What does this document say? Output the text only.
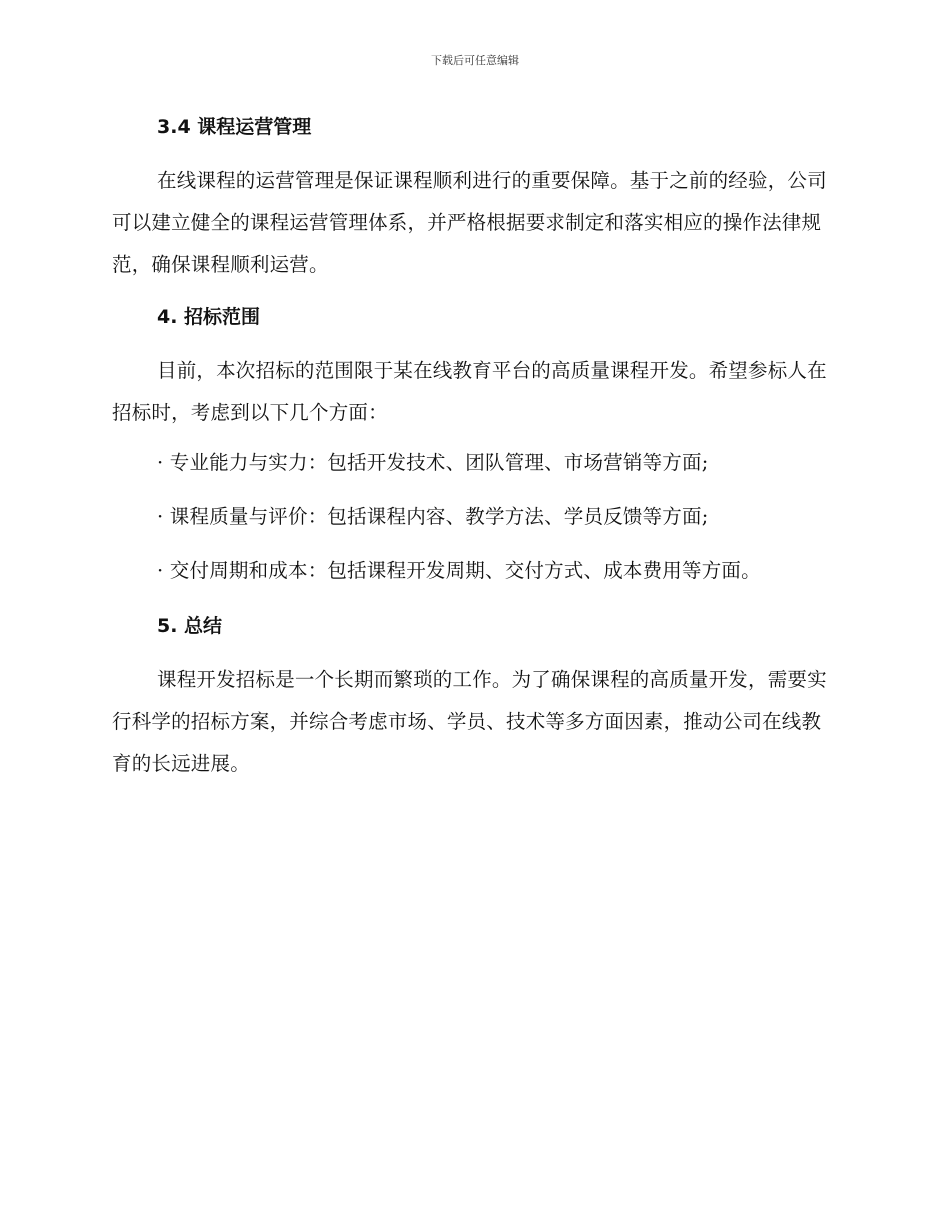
下载后可任意编辑
3.4 课程运营管理

在线课程的运营管理是保证课程顺利进行的重要保障。基于之前的经验，公司可以建立健全的课程运营管理体系，并严格根据要求制定和落实相应的操作法律规范，确保课程顺利运营。

4. 招标范围

目前，本次招标的范围限于某在线教育平台的高质量课程开发。希望参标人在招标时，考虑到以下几个方面：

· 专业能力与实力：包括开发技术、团队管理、市场营销等方面;

· 课程质量与评价：包括课程内容、教学方法、学员反馈等方面;

· 交付周期和成本：包括课程开发周期、交付方式、成本费用等方面。

5. 总结

课程开发招标是一个长期而繁琐的工作。为了确保课程的高质量开发，需要实行科学的招标方案，并综合考虑市场、学员、技术等多方面因素，推动公司在线教育的长远进展。
